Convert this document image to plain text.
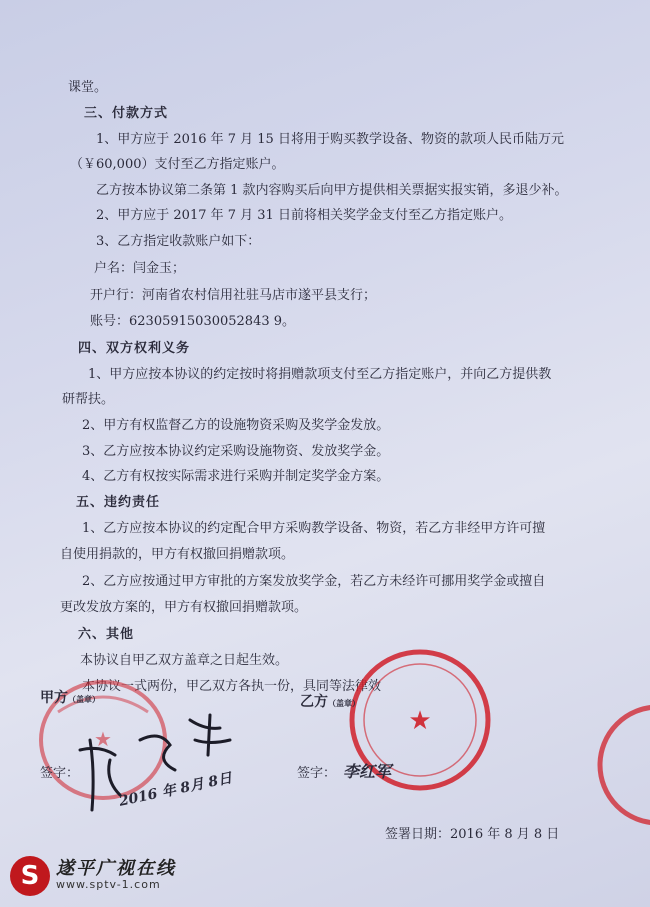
课堂。
三、付款方式
1、甲方应于 2016 年 7 月 15 日将用于购买教学设备、物资的款项人民币陆万元
（￥60,000）支付至乙方指定账户。
乙方按本协议第二条第 1 款内容购买后向甲方提供相关票据实报实销，多退少补。
2、甲方应于 2017 年 7 月 31 日前将相关奖学金支付至乙方指定账户。
3、乙方指定收款账户如下：
户名：闫金玉；
开户行：河南省农村信用社驻马店市遂平县支行；
账号：62305915030052843 9。
四、双方权利义务
1、甲方应按本协议的约定按时将捐赠款项支付至乙方指定账户，并向乙方提供教
研帮扶。
2、甲方有权监督乙方的设施物资采购及奖学金发放。
3、乙方应按本协议约定采购设施物资、发放奖学金。
4、乙方有权按实际需求进行采购并制定奖学金方案。
五、违约责任
1、乙方应按本协议的约定配合甲方采购教学设备、物资，若乙方非经甲方许可擅
自使用捐款的，甲方有权撤回捐赠款项。
2、乙方应按通过甲方审批的方案发放奖学金，若乙方未经许可挪用奖学金或擅自
更改发放方案的，甲方有权撤回捐赠款项。
六、其他
本协议自甲乙双方盖章之日起生效。
本协议一式两份，甲乙双方各执一份，具同等法律效
★
★
甲方（盖章）	乙方（盖章）
签字：	签字：
2016 年 8月 8日	李红军
签署日期：2016 年 8 月 8 日
S 遂平广视在线
www.sptv-1.com
